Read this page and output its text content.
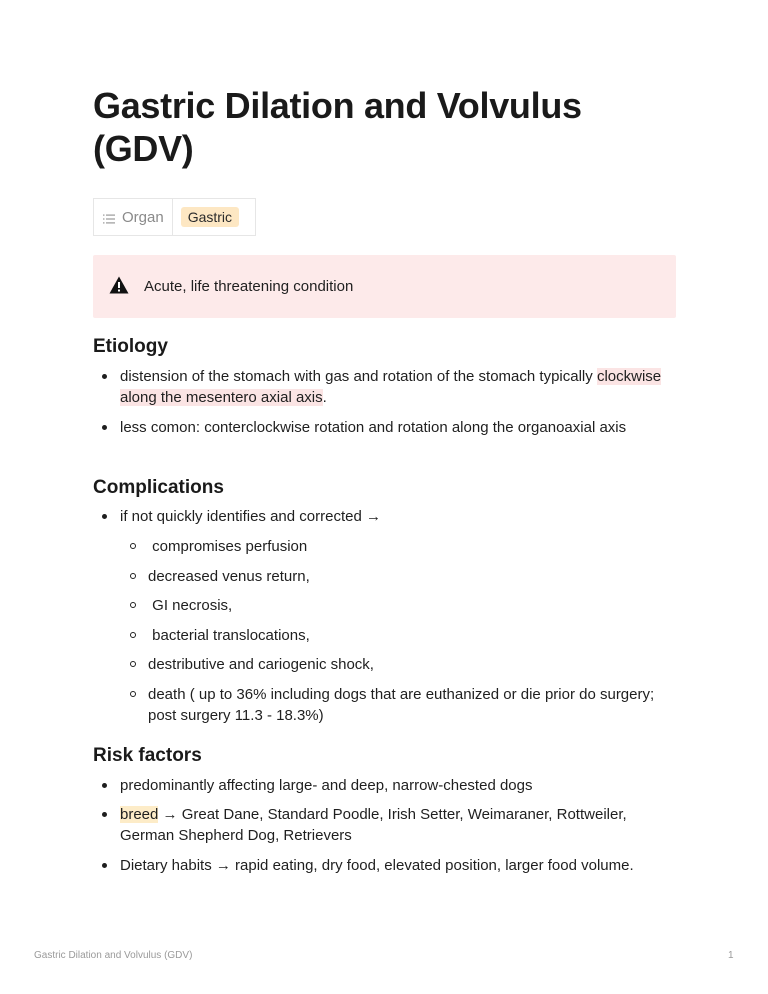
Gastric Dilation and Volvulus (GDV)
Organ	Gastric
Acute, life threatening condition
Etiology
distension of the stomach with gas and rotation of the stomach typically clockwise along the mesentero axial axis.
less comon: conterclockwise rotation and rotation along the organoaxial axis
Complications
if not quickly identifies and corrected →
compromises perfusion
decreased venus return,
GI necrosis,
bacterial translocations,
destributive and cariogenic shock,
death ( up to 36% including dogs that are euthanized or die prior do surgery; post surgery 11.3 - 18.3%)
Risk factors
predominantly affecting large- and deep, narrow-chested dogs
breed → Great Dane, Standard Poodle, Irish Setter, Weimaraner, Rottweiler, German Shepherd Dog, Retrievers
Dietary habits → rapid eating, dry food, elevated position, larger food volume.
Gastric Dilation and Volvulus (GDV)	1
